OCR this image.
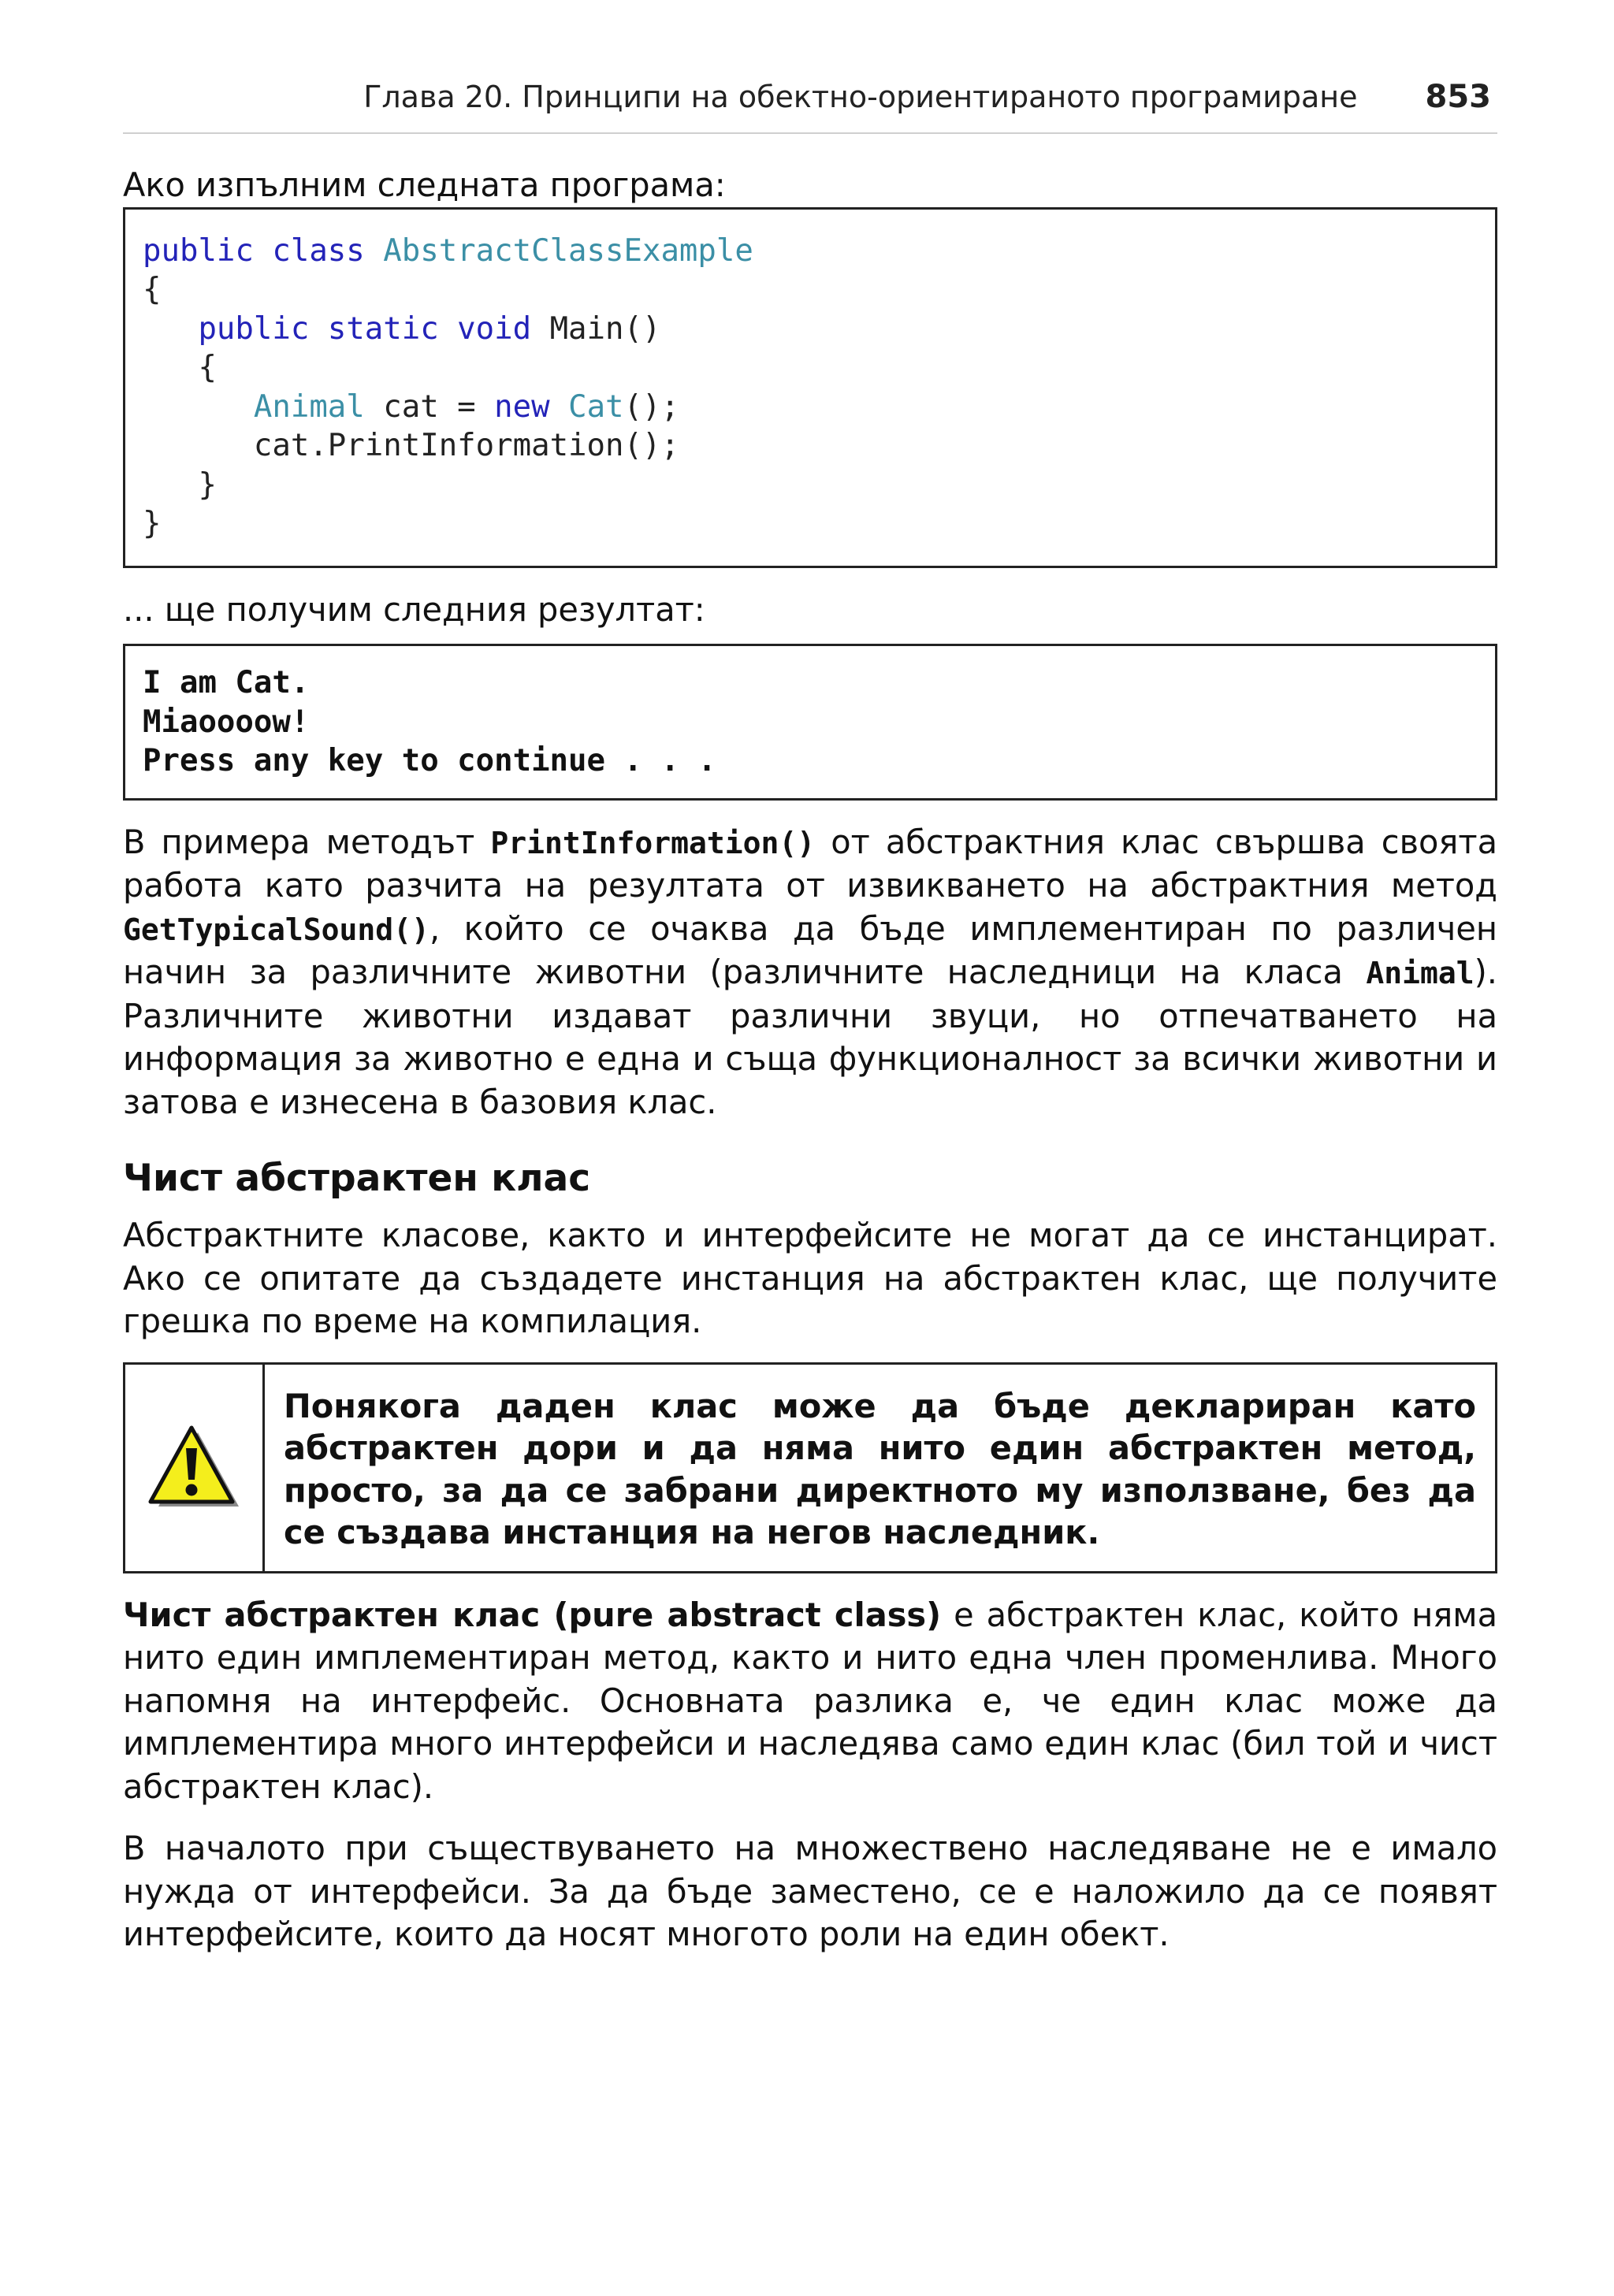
Глава 20. Принципи на обектно-ориентираното програмиране 853

Ако изпълним следната програма:

public class AbstractClassExample
{
public static void Main()
{
Animal cat = new Cat();
cat.PrintInformation();
}
}

... ще получим следния резултат:

I am Cat.
Miaoooow!
Press any key to continue . . .

В примера методът PrintInformation() от абстрактния клас свършва своята работа като разчита на резултата от извикването на абстрактния метод GetTypicalSound(), който се очаква да бъде имплементиран по различен начин за различните животни (различните наследници на класа Animal). Различните животни издават различни звуци, но отпечатването на информация за животно е една и съща функционалност за всички животни и затова е изнесена в базовия клас.

Чист абстрактен клас

Абстрактните класове, както и интерфейсите не могат да се инстанцират. Ако се опитате да създадете инстанция на абстрактен клас, ще получите грешка по време на компилация.

Понякога даден клас може да бъде деклариран като абстрактен дори и да няма нито един абстрактен метод, просто, за да се забрани директното му използване, без да се създава инстанция на негов наследник.

Чист абстрактен клас (pure abstract class) е абстрактен клас, който няма нито един имплементиран метод, както и нито една член променлива. Много напомня на интерфейс. Основната разлика е, че един клас може да имплементира много интерфейси и наследява само един клас (бил той и чист абстрактен клас).

В началото при съществуването на множествено наследяване не е имало нужда от интерфейси. За да бъде заместено, се е наложило да се появят интерфейсите, които да носят многото роли на един обект.
